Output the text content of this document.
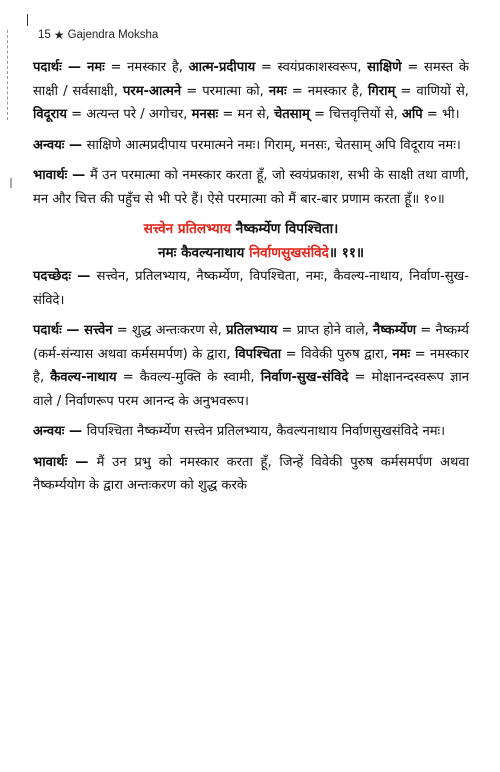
15 ★ Gajendra Moksha

पदार्थः — नमः = नमस्कार है, आत्म-प्रदीपाय = स्वयंप्रकाशस्वरूप, साक्षिणे = समस्त के साक्षी / सर्वसाक्षी, परम-आत्मने = परमात्मा को, नमः = नमस्कार है, गिराम् = वाणियों से, विदूराय = अत्यन्त परे / अगोचर, मनसः = मन से, चेतसाम् = चित्तवृत्तियों से, अपि = भी।

अन्वयः — साक्षिणे आत्मप्रदीपाय परमात्मने नमः। गिराम्, मनसः, चेतसाम् अपि विदूराय नमः।

भावार्थः — मैं उन परमात्मा को नमस्कार करता हूँ, जो स्वयंप्रकाश, सभी के साक्षी तथा वाणी, मन और चित्त की पहुँच से भी परे हैं। ऐसे परमात्मा को मैं बार-बार प्रणाम करता हूँ॥ १०॥

सत्त्वेन प्रतिलभ्याय नैष्कर्म्येण विपश्चिता।
नमः कैवल्यनाथाय निर्वाणसुखसंविदे॥ ११॥

पदच्छेदः — सत्त्वेन, प्रतिलभ्याय, नैष्कर्म्येण, विपश्चिता, नमः, कैवल्य-नाथाय, निर्वाण-सुख-संविदे।

पदार्थः — सत्त्वेन = शुद्ध अन्तःकरण से, प्रतिलभ्याय = प्राप्त होने वाले, नैष्कर्म्येण = नैष्कर्म्य (कर्म-संन्यास अथवा कर्मसमर्पण) के द्वारा, विपश्चिता = विवेकी पुरुष द्वारा, नमः = नमस्कार है, कैवल्य-नाथाय = कैवल्य-मुक्ति के स्वामी, निर्वाण-सुख-संविदे = मोक्षानन्दस्वरूप ज्ञान वाले / निर्वाणरूप परम आनन्द के अनुभवरूप।

अन्वयः — विपश्चिता नैष्कर्म्येण सत्त्वेन प्रतिलभ्याय, कैवल्यनाथाय निर्वाणसुखसंविदे नमः।

भावार्थः — मैं उन प्रभु को नमस्कार करता हूँ, जिन्हें विवेकी पुरुष कर्मसमर्पण अथवा नैष्कर्म्ययोग के द्वारा अन्तःकरण को शुद्ध करके
